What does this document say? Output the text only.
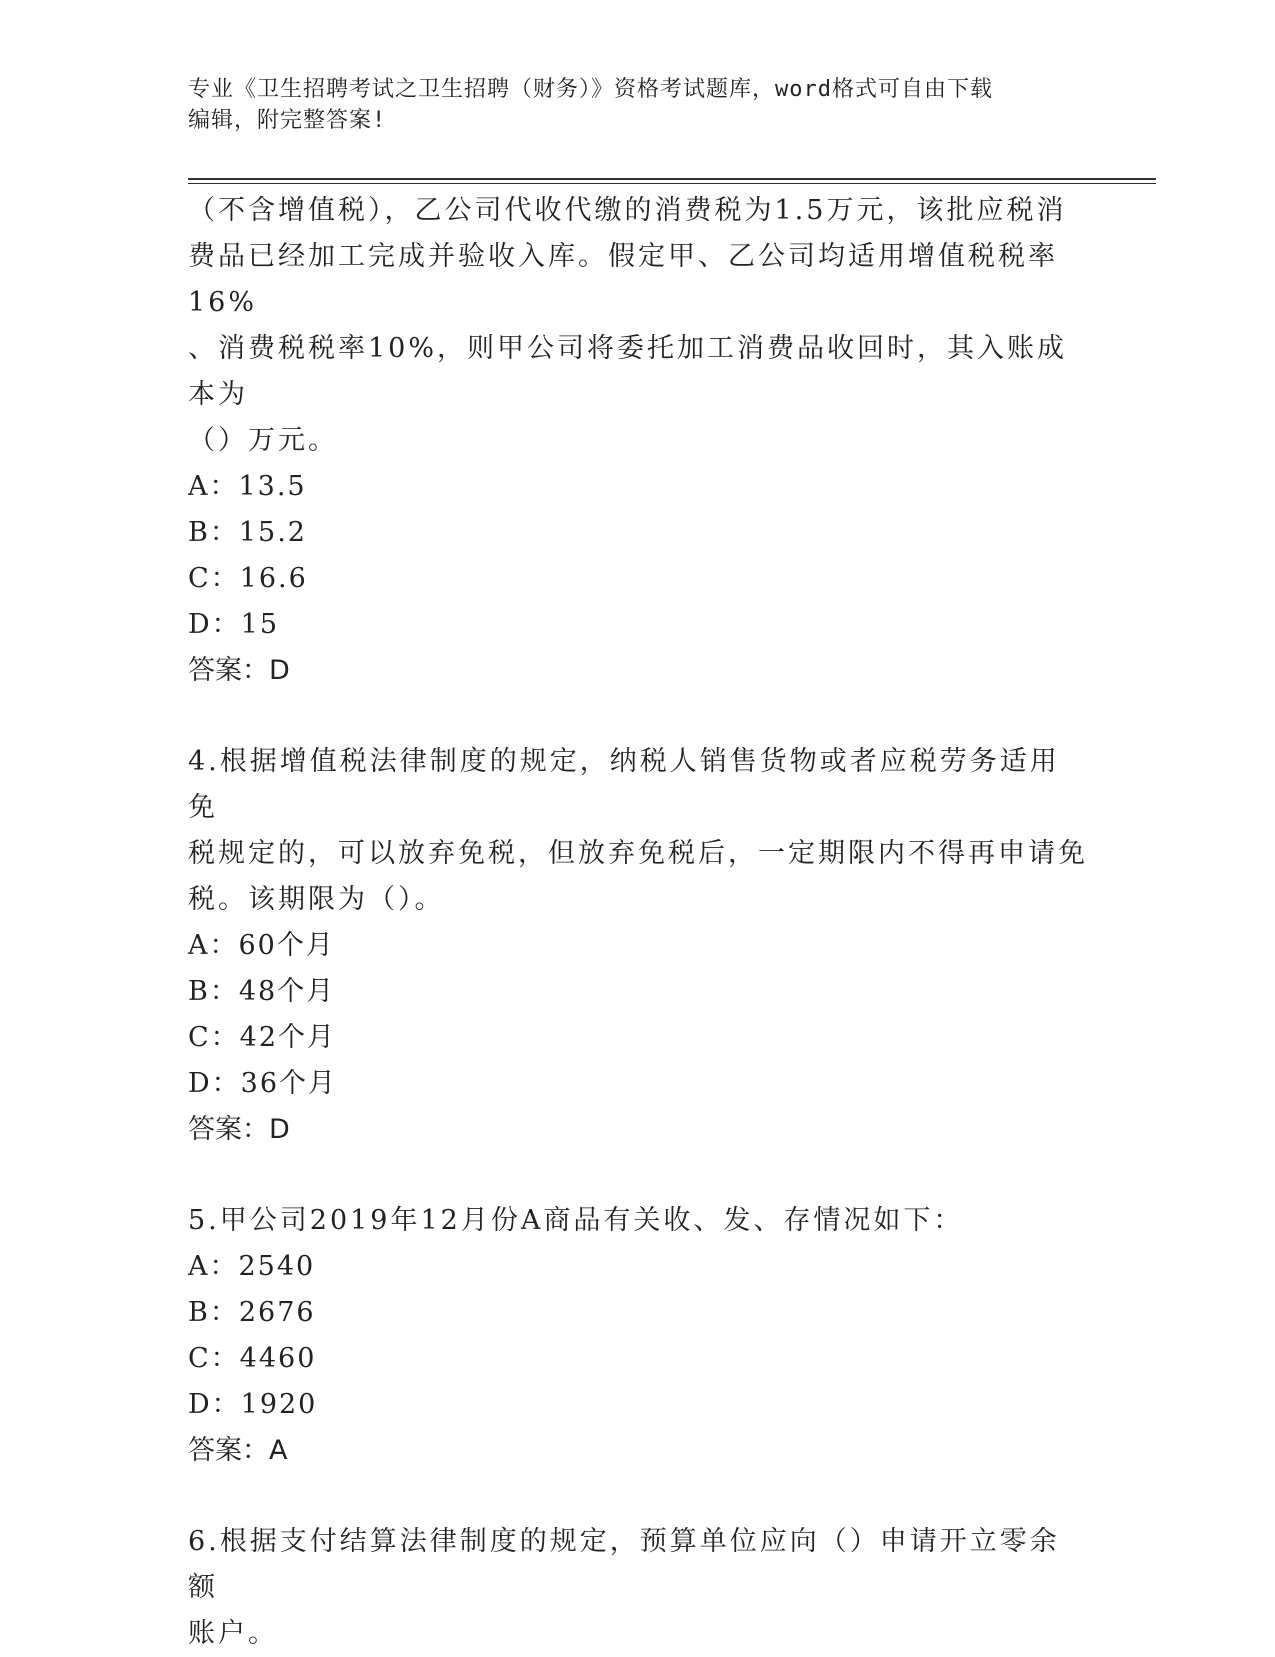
专业《卫生招聘考试之卫生招聘（财务）》资格考试题库，word格式可自由下载
编辑，附完整答案!

（不含增值税），乙公司代收代缴的消费税为1.5万元，该批应税消

费品已经加工完成并验收入库。假定甲、乙公司均适用增值税税率16%

、消费税税率10%，则甲公司将委托加工消费品收回时，其入账成本为

（）万元。

A：13.5

B：15.2

C：16.6

D：15

答案：D

4.根据增值税法律制度的规定，纳税人销售货物或者应税劳务适用免

税规定的，可以放弃免税，但放弃免税后，一定期限内不得再申请免

税。该期限为（）。

A：60个月

B：48个月

C：42个月

D：36个月

答案：D

5.甲公司2019年12月份A商品有关收、发、存情况如下：

A：2540

B：2676

C：4460

D：1920

答案：A

6.根据支付结算法律制度的规定，预算单位应向（）申请开立零余额

账户。
